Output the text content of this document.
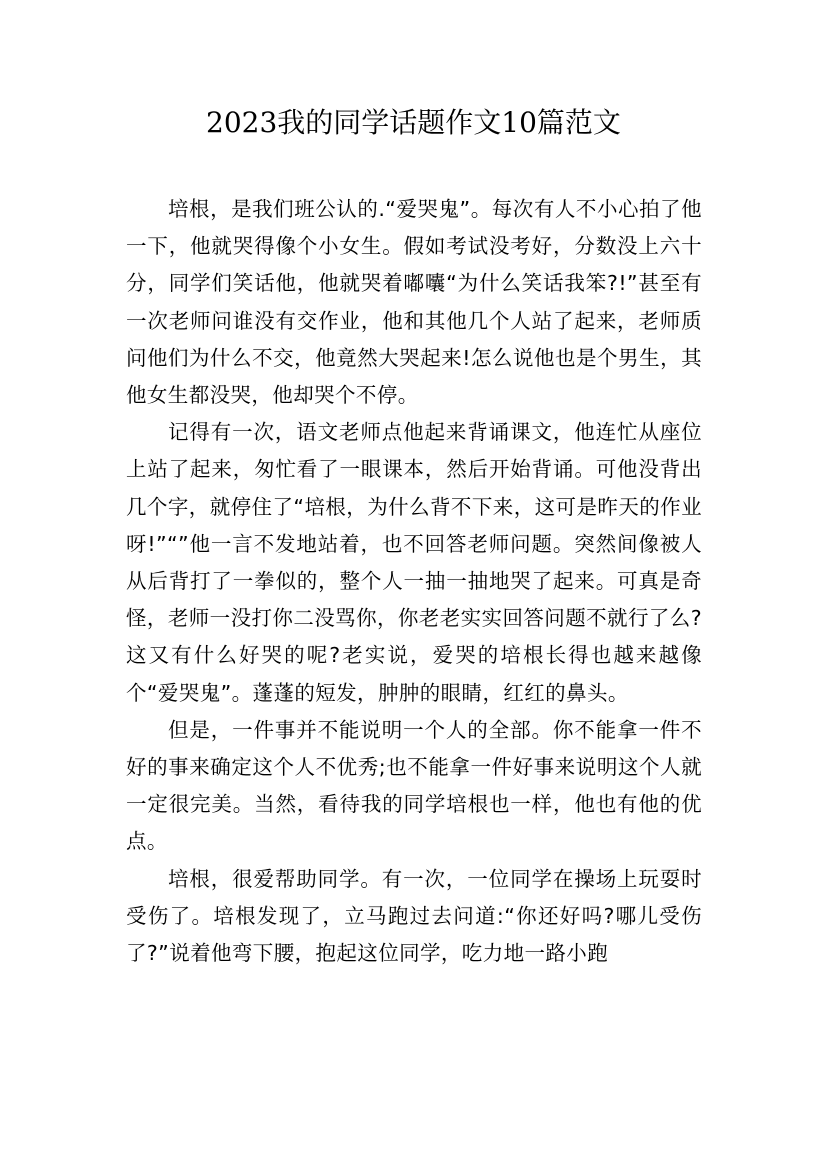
2023我的同学话题作文10篇范文

培根，是我们班公认的.“爱哭鬼”。每次有人不小心拍了他一下，他就哭得像个小女生。假如考试没考好，分数没上六十分，同学们笑话他，他就哭着嘟囔“为什么笑话我笨?!”甚至有一次老师问谁没有交作业，他和其他几个人站了起来，老师质问他们为什么不交，他竟然大哭起来!怎么说他也是个男生，其他女生都没哭，他却哭个不停。

记得有一次，语文老师点他起来背诵课文，他连忙从座位上站了起来，匆忙看了一眼课本，然后开始背诵。可他没背出几个字，就停住了“培根，为什么背不下来，这可是昨天的作业呀!”“”他一言不发地站着，也不回答老师问题。突然间像被人从后背打了一拳似的，整个人一抽一抽地哭了起来。可真是奇怪，老师一没打你二没骂你，你老老实实回答问题不就行了么?这又有什么好哭的呢?老实说，爱哭的培根长得也越来越像个“爱哭鬼”。蓬蓬的短发，肿肿的眼睛，红红的鼻头。

但是，一件事并不能说明一个人的全部。你不能拿一件不好的事来确定这个人不优秀;也不能拿一件好事来说明这个人就一定很完美。当然，看待我的同学培根也一样，他也有他的优点。

培根，很爱帮助同学。有一次，一位同学在操场上玩耍时受伤了。培根发现了，立马跑过去问道:“你还好吗?哪儿受伤了?”说着他弯下腰，抱起这位同学，吃力地一路小跑
